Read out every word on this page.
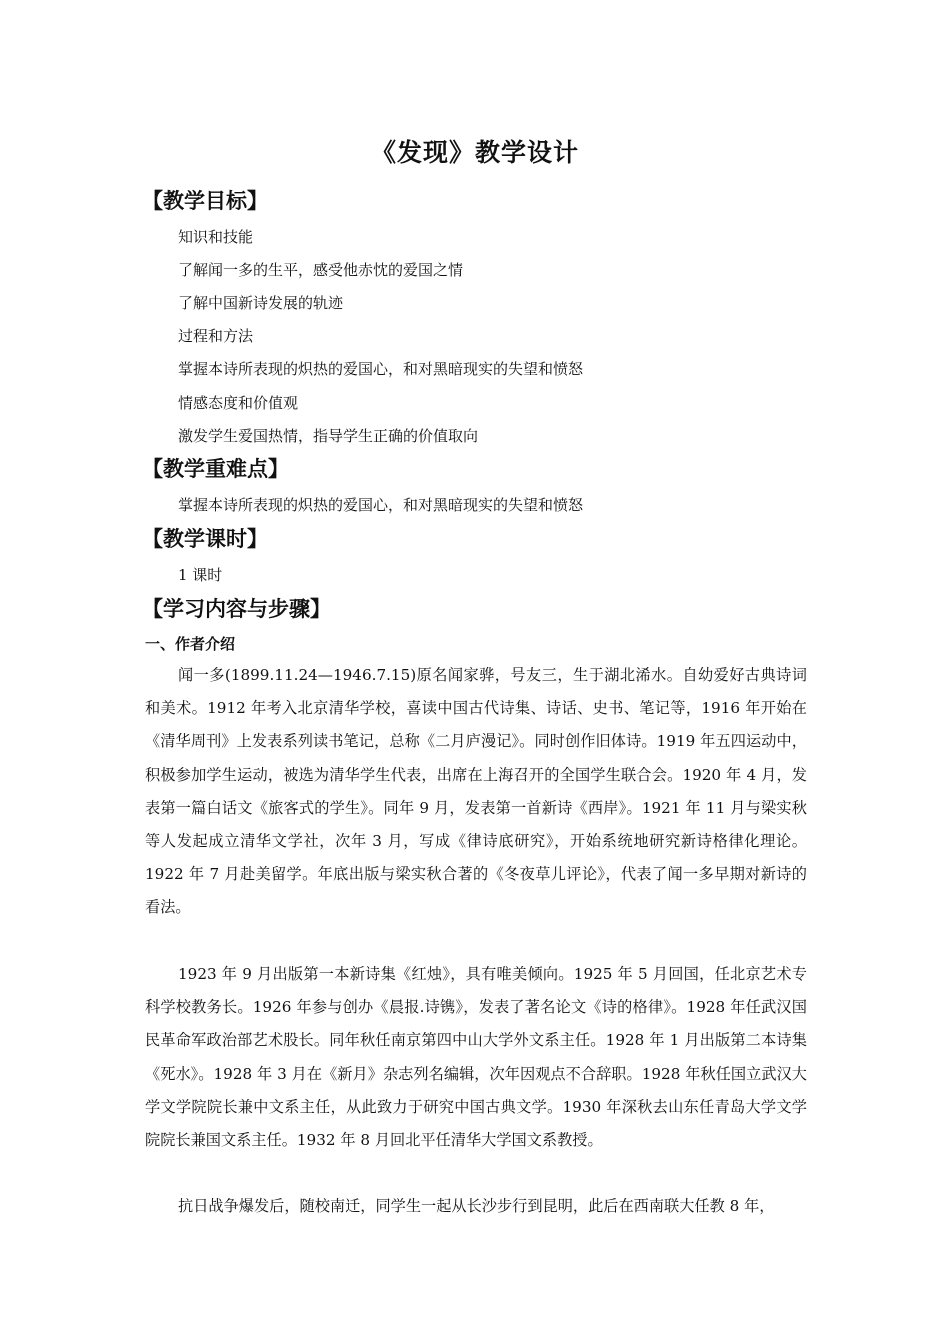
《发现》教学设计
【教学目标】
知识和技能
了解闻一多的生平，感受他赤忱的爱国之情
了解中国新诗发展的轨迹
过程和方法
掌握本诗所表现的炽热的爱国心，和对黑暗现实的失望和愤怒
情感态度和价值观
激发学生爱国热情，指导学生正确的价值取向
【教学重难点】
掌握本诗所表现的炽热的爱国心，和对黑暗现实的失望和愤怒
【教学课时】
1 课时
【学习内容与步骤】
一、作者介绍

闻一多(1899.11.24—1946.7.15)原名闻家骅，号友三，生于湖北浠水。自幼爱好古典诗词和美术。1912 年考入北京清华学校，喜读中国古代诗集、诗话、史书、笔记等，1916 年开始在《清华周刊》上发表系列读书笔记，总称《二月庐漫记》。同时创作旧体诗。1919 年五四运动中，积极参加学生运动，被选为清华学生代表，出席在上海召开的全国学生联合会。1920 年 4 月，发表第一篇白话文《旅客式的学生》。同年 9 月，发表第一首新诗《西岸》。1921 年 11 月与梁实秋等人发起成立清华文学社，次年 3 月，写成《律诗底研究》，开始系统地研究新诗格律化理论。1922 年 7 月赴美留学。年底出版与梁实秋合著的《冬夜草儿评论》，代表了闻一多早期对新诗的看法。

1923 年 9 月出版第一本新诗集《红烛》，具有唯美倾向。1925 年 5 月回国，任北京艺术专科学校教务长。1926 年参与创办《晨报.诗镌》，发表了著名论文《诗的格律》。1928 年任武汉国民革命军政治部艺术股长。同年秋任南京第四中山大学外文系主任。1928 年 1 月出版第二本诗集《死水》。1928 年 3 月在《新月》杂志列名编辑，次年因观点不合辞职。1928 年秋任国立武汉大学文学院院长兼中文系主任，从此致力于研究中国古典文学。1930 年深秋去山东任青岛大学文学院院长兼国文系主任。1932 年 8 月回北平任清华大学国文系教授。

抗日战争爆发后，随校南迁，同学生一起从长沙步行到昆明，此后在西南联大任教 8 年，
